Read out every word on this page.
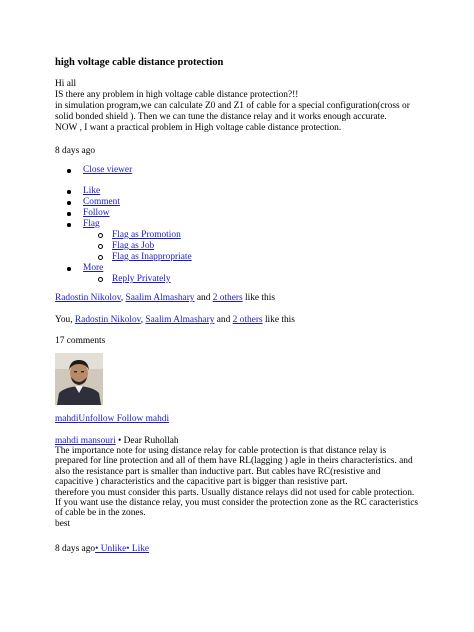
high voltage cable distance protection
Hi all
IS there any problem in high voltage cable distance protection?!!
in simulation program,we can calculate Z0 and Z1 of cable for a special configuration(cross or
solid bonded shield ). Then we can tune the distance relay and it works enough accurate.
NOW , I want a practical problem in High voltage cable distance protection.
8 days ago
Close viewer
Like
Comment
Follow
Flag
Flag as Promotion
Flag as Job
Flag as Inappropriate
More
Reply Privately
Radostin Nikolov, Saalim Almashary and 2 others like this
You, Radostin Nikolov, Saalim Almashary and 2 others like this
17 comments
mahdiUnfollow Follow mahdi
mahdi mansouri • Dear Ruhollah
The importance note for using distance relay for cable protection is that distance relay is
prepared for line protection and all of them have RL(lagging ) agle in theirs characteristics. and
also the resistance part is smaller than inductive part. But cables have RC(resistive and
capacitive ) characteristics and the capacitive part is bigger than resistive part.
therefore you must consider this parts. Usually distance relays did not used for cable protection.
If you want use the distance relay, you must consider the protection zone as the RC caracteristics
of cable be in the zones.
best
8 days ago• Unlike• Like
